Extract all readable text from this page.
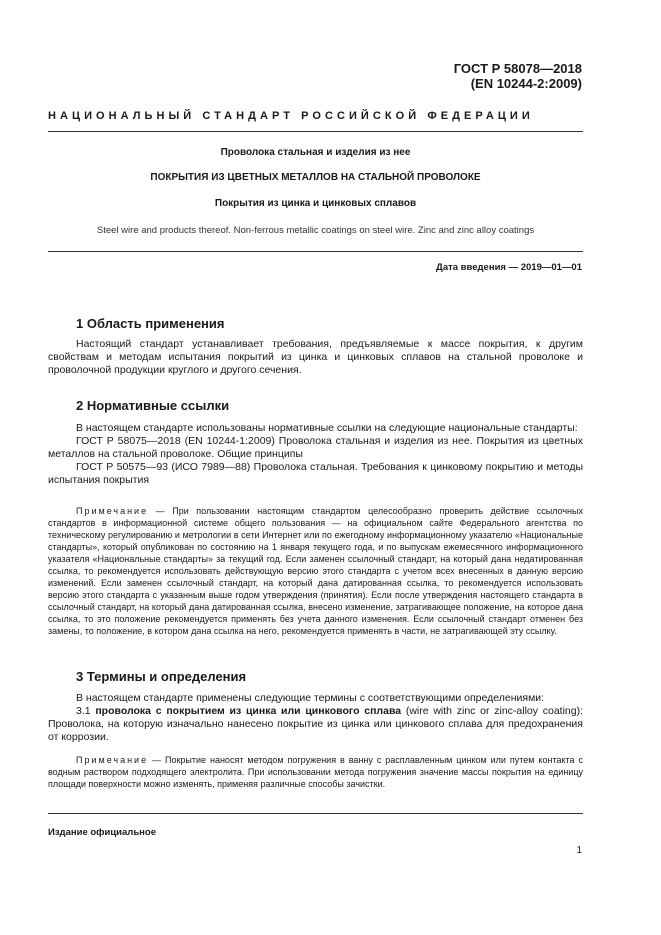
ГОСТ Р 58078—2018
(EN 10244-2:2009)
НАЦИОНАЛЬНЫЙ СТАНДАРТ РОССИЙСКОЙ ФЕДЕРАЦИИ
Проволока стальная и изделия из нее
ПОКРЫТИЯ ИЗ ЦВЕТНЫХ МЕТАЛЛОВ НА СТАЛЬНОЙ ПРОВОЛОКЕ
Покрытия из цинка и цинковых сплавов
Steel wire and products thereof. Non-ferrous metallic coatings on steel wire. Zinc and zinc alloy coatings
Дата введения — 2019—01—01
1 Область применения

Настоящий стандарт устанавливает требования, предъявляемые к массе покрытия, к другим свойствам и методам испытания покрытий из цинка и цинковых сплавов на стальной проволоке и проволочной продукции круглого и другого сечения.

2 Нормативные ссылки

В настоящем стандарте использованы нормативные ссылки на следующие национальные стандарты:

ГОСТ Р 58075—2018 (EN 10244-1:2009) Проволока стальная и изделия из нее. Покрытия из цветных металлов на стальной проволоке. Общие принципы

ГОСТ Р 50575—93 (ИСО 7989—88) Проволока стальная. Требования к цинковому покрытию и методы испытания покрытия

Примечание — При пользовании настоящим стандартом целесообразно проверить действие ссылочных стандартов в информационной системе общего пользования — на официальном сайте Федерального агентства по техническому регулированию и метрологии в сети Интернет или по ежегодному информационному указателю «Национальные стандарты», который опубликован по состоянию на 1 января текущего года, и по выпускам ежемесячного информационного указателя «Национальные стандарты» за текущий год. Если заменен ссылочный стандарт, на который дана недатированная ссылка, то рекомендуется использовать действующую версию этого стандарта с учетом всех внесенных в данную версию изменений. Если заменен ссылочный стандарт, на который дана датированная ссылка, то рекомендуется использовать версию этого стандарта с указанным выше годом утверждения (принятия). Если после утверждения настоящего стандарта в ссылочный стандарт, на который дана датированная ссылка, внесено изменение, затрагивающее положение, на которое дана ссылка, то это положение рекомендуется применять без учета данного изменения. Если ссылочный стандарт отменен без замены, то положение, в котором дана ссылка на него, рекомендуется применять в части, не затрагивающей эту ссылку.

3 Термины и определения

В настоящем стандарте применены следующие термины с соответствующими определениями:

3.1 проволока с покрытием из цинка или цинкового сплава (wire with zinc or zinc-alloy coating): Проволока, на которую изначально нанесено покрытие из цинка или цинкового сплава для предохранения от коррозии.

Примечание — Покрытие наносят методом погружения в ванну с расплавленным цинком или путем контакта с водным раствором подходящего электролита. При использовании метода погружения значение массы покрытия на единицу площади поверхности можно изменять, применяя различные способы зачистки.

Издание официальное
1
